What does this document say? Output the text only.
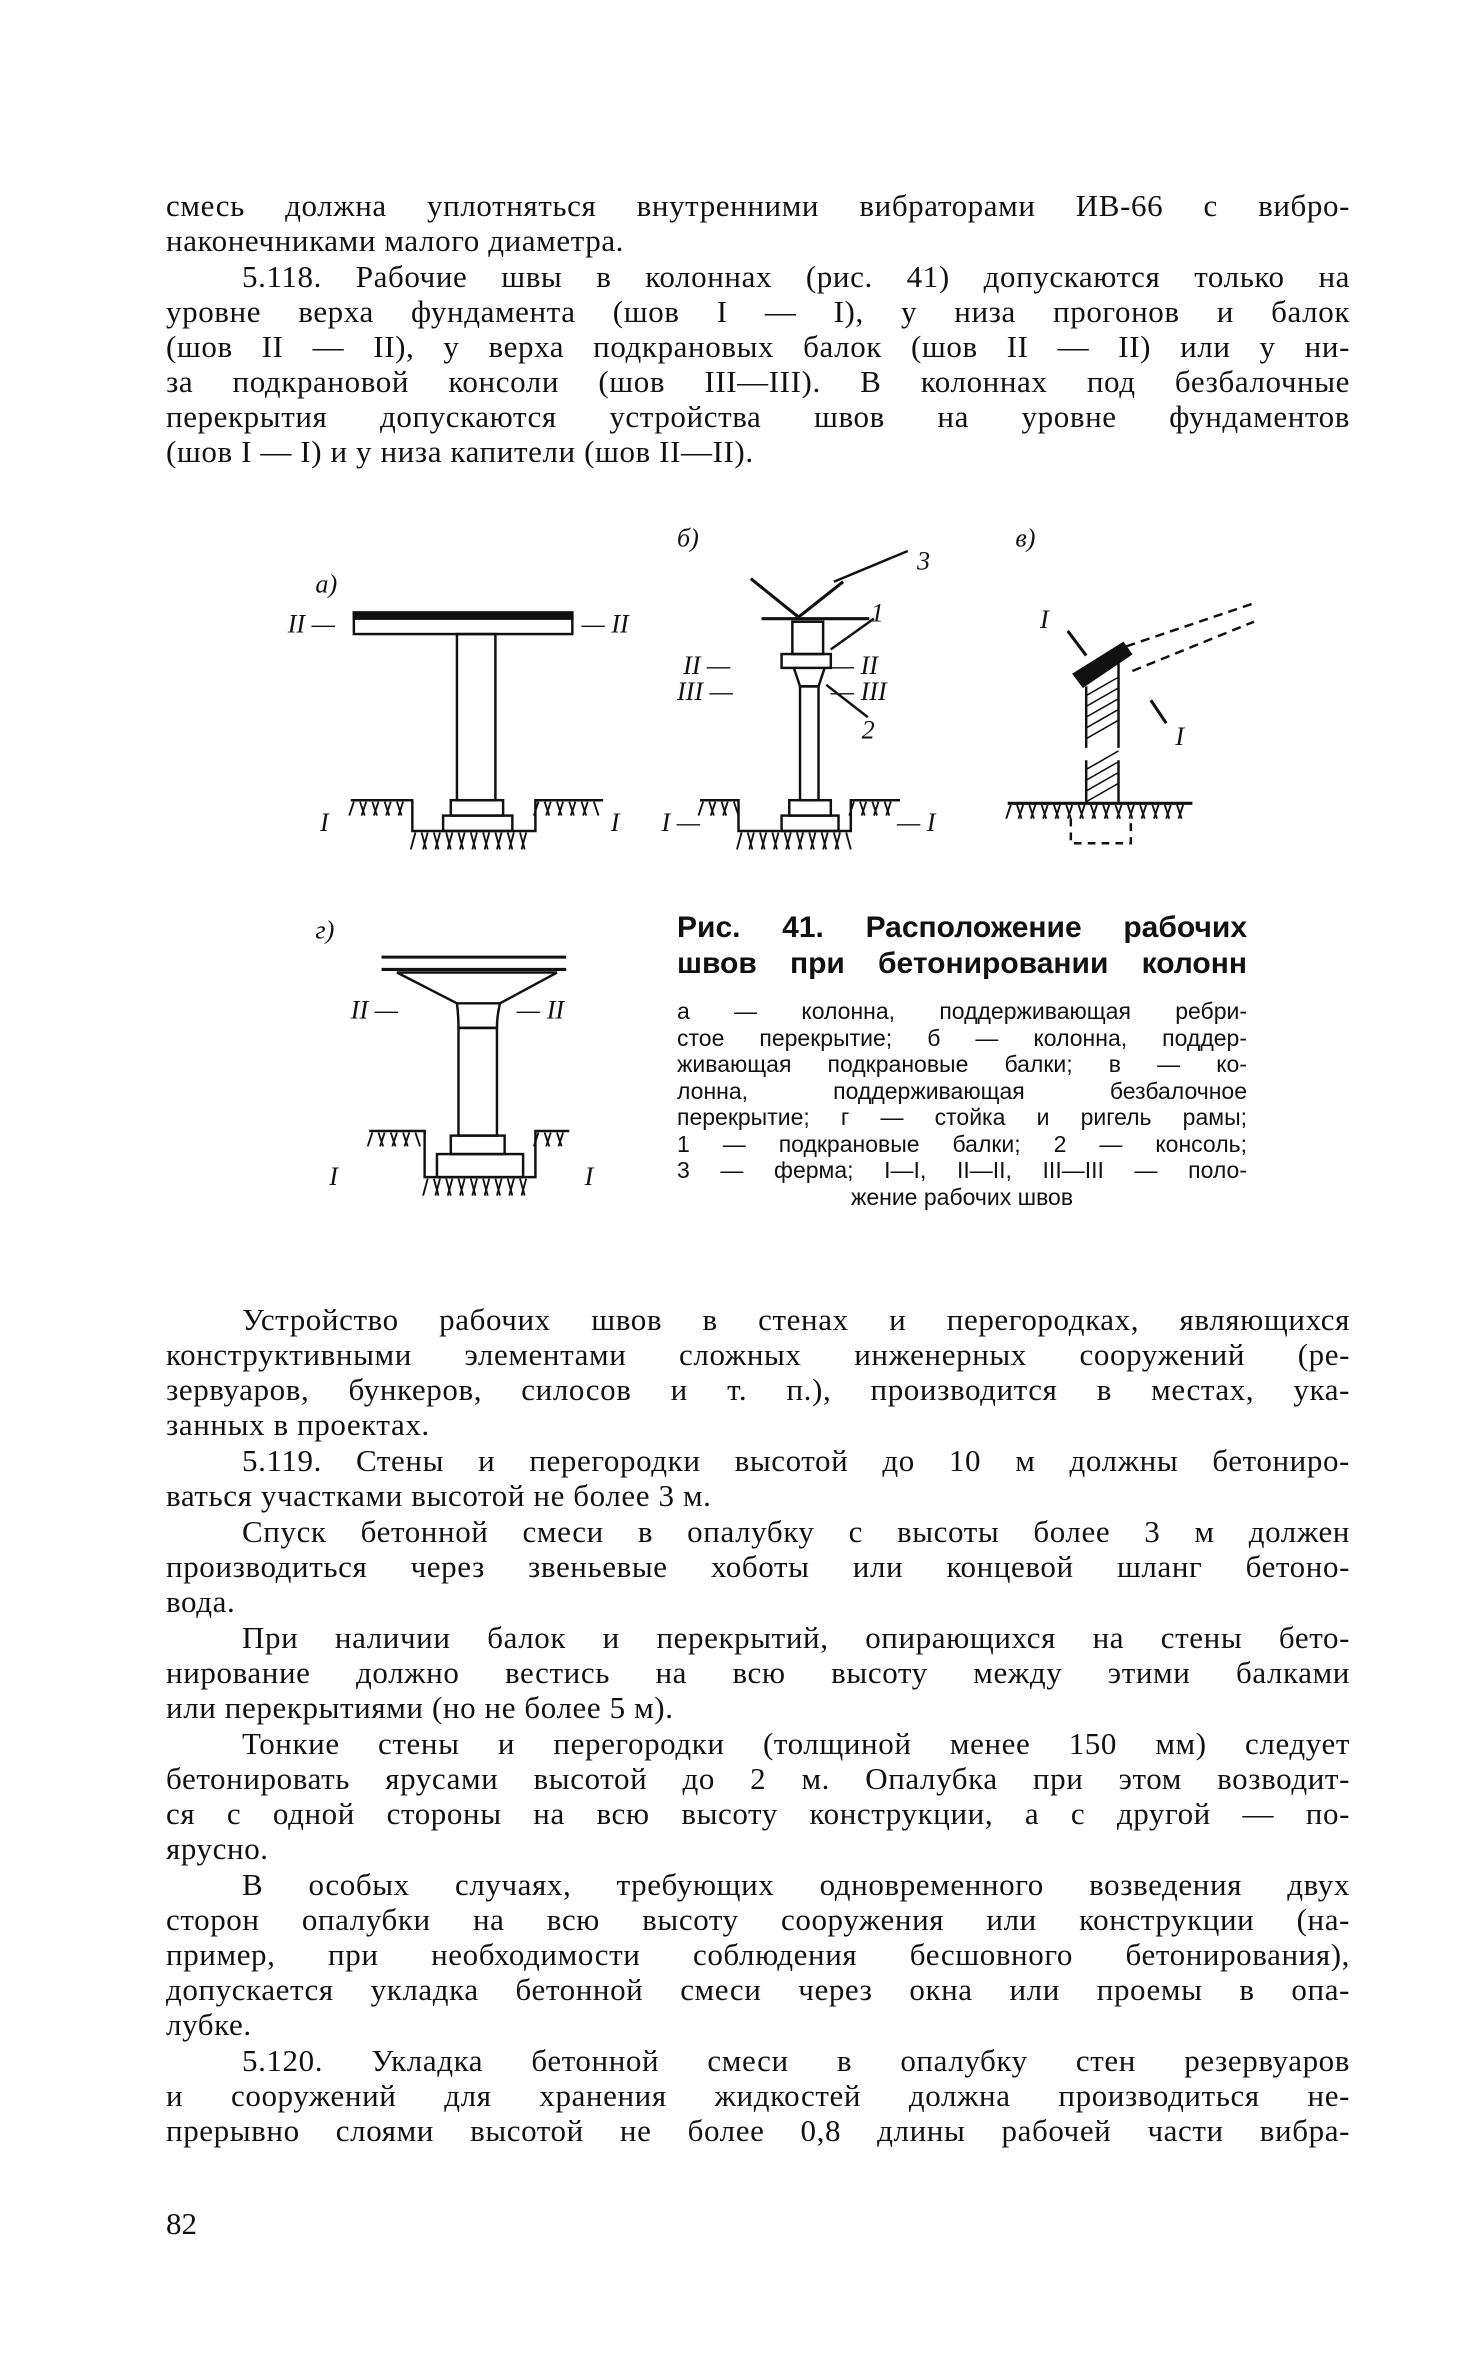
смесь должна уплотняться внутренними вибраторами ИВ-66 с вибро-
наконечниками малого диаметра.
5.118. Рабочие швы в колоннах (рис. 41) допускаются только на
уровне верха фундамента (шов I — I), у низа прогонов и балок
(шов II — II), у верха подкрановых балок (шов II — II) или у ни-
за подкрановой консоли (шов III—III). В колоннах под безбалочные
перекрытия допускаются устройства швов на уровне фундаментов
(шов I — I) и у низа капители (шов II—II).
а)
II —	— II
I	I
б)
3
1
2
II —	— II
III —	— III
I —	— I
в)
I
I
г)
II —	— II
I	I
Рис. 41. Расположение рабочих
швов при бетонировании колонн
а — колонна, поддерживающая ребри-
стое перекрытие; б — колонна, поддер-
живающая подкрановые балки; в — ко-
лонна, поддерживающая безбалочное
перекрытие; г — стойка и ригель рамы;
1 — подкрановые балки; 2 — консоль;
3 — ферма; I—I, II—II, III—III — поло-
жение рабочих швов
Устройство рабочих швов в стенах и перегородках, являющихся
конструктивными элементами сложных инженерных сооружений (ре-
зервуаров, бункеров, силосов и т. п.), производится в местах, ука-
занных в проектах.
5.119. Стены и перегородки высотой до 10 м должны бетониро-
ваться участками высотой не более 3 м.
Спуск бетонной смеси в опалубку с высоты более 3 м должен
производиться через звеньевые хоботы или концевой шланг бетоно-
вода.
При наличии балок и перекрытий, опирающихся на стены бето-
нирование должно вестись на всю высоту между этими балками
или перекрытиями (но не более 5 м).
Тонкие стены и перегородки (толщиной менее 150 мм) следует
бетонировать ярусами высотой до 2 м. Опалубка при этом возводит-
ся с одной стороны на всю высоту конструкции, а с другой — по-
ярусно.
В особых случаях, требующих одновременного возведения двух
сторон опалубки на всю высоту сооружения или конструкции (на-
пример, при необходимости соблюдения бесшовного бетонирования),
допускается укладка бетонной смеси через окна или проемы в опа-
лубке.
5.120. Укладка бетонной смеси в опалубку стен резервуаров
и сооружений для хранения жидкостей должна производиться не-
прерывно слоями высотой не более 0,8 длины рабочей части вибра-
82
